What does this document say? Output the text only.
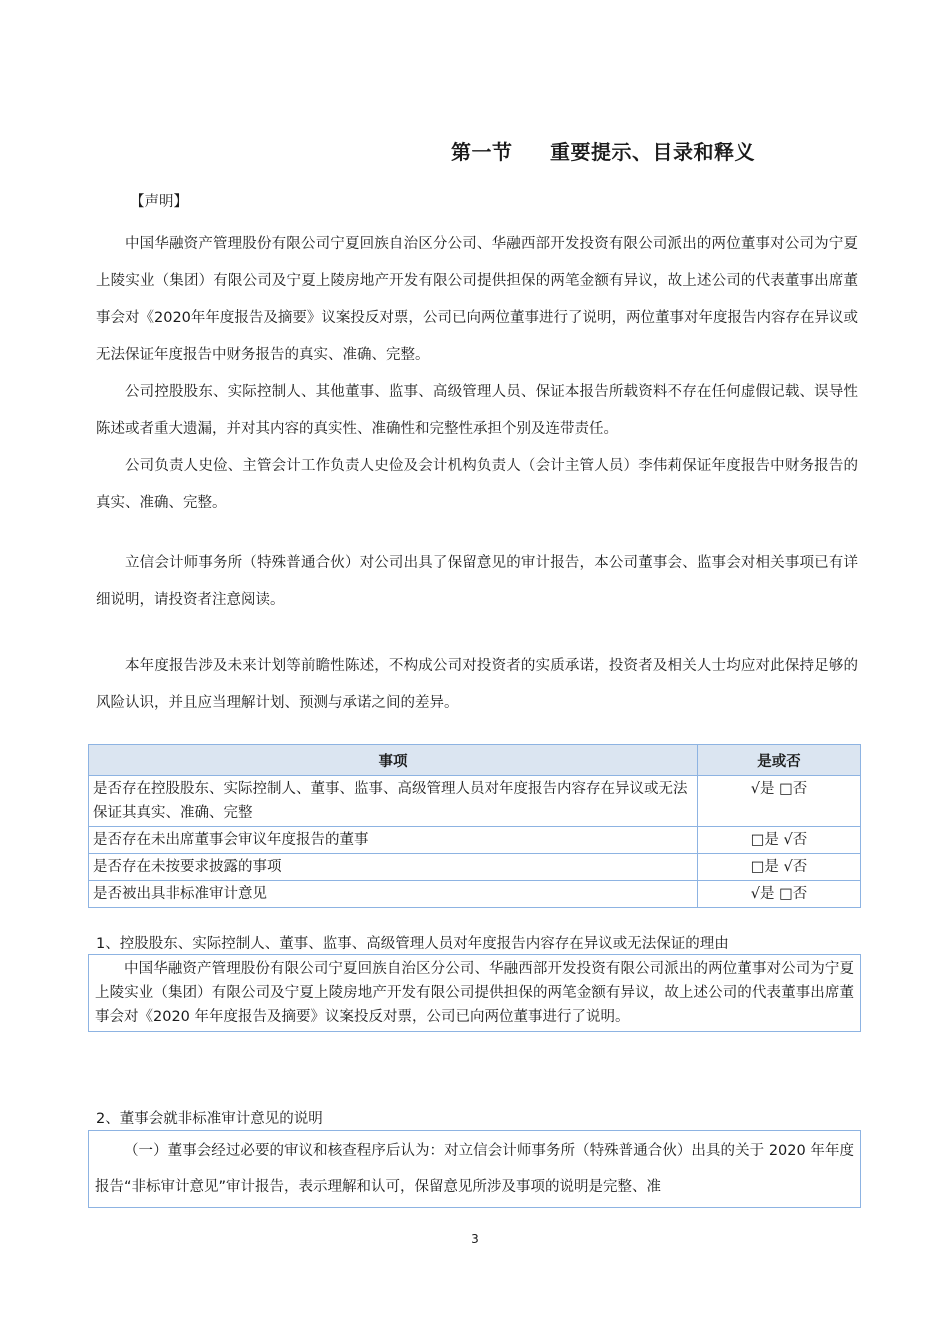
第一节 重要提示、目录和释义
【声明】

中国华融资产管理股份有限公司宁夏回族自治区分公司、华融西部开发投资有限公司派出的两位董事对公司为宁夏上陵实业（集团）有限公司及宁夏上陵房地产开发有限公司提供担保的两笔金额有异议，故上述公司的代表董事出席董事会对《2020年年度报告及摘要》议案投反对票，公司已向两位董事进行了说明，两位董事对年度报告内容存在异议或无法保证年度报告中财务报告的真实、准确、完整。

公司控股股东、实际控制人、其他董事、监事、高级管理人员、保证本报告所载资料不存在任何虚假记载、误导性陈述或者重大遗漏，并对其内容的真实性、准确性和完整性承担个别及连带责任。

公司负责人史俭、主管会计工作负责人史俭及会计机构负责人（会计主管人员）李伟莉保证年度报告中财务报告的真实、准确、完整。

立信会计师事务所（特殊普通合伙）对公司出具了保留意见的审计报告，本公司董事会、监事会对相关事项已有详细说明，请投资者注意阅读。

本年度报告涉及未来计划等前瞻性陈述，不构成公司对投资者的实质承诺，投资者及相关人士均应对此保持足够的风险认识，并且应当理解计划、预测与承诺之间的差异。

事项	是或否
是否存在控股股东、实际控制人、董事、监事、高级管理人员对年度报告内容存在异议或无法保证其真实、准确、完整	√是 □否
是否存在未出席董事会审议年度报告的董事	□是 √否
是否存在未按要求披露的事项	□是 √否
是否被出具非标准审计意见	√是 □否
1、控股股东、实际控制人、董事、监事、高级管理人员对年度报告内容存在异议或无法保证的理由

中国华融资产管理股份有限公司宁夏回族自治区分公司、华融西部开发投资有限公司派出的两位董事对公司为宁夏上陵实业（集团）有限公司及宁夏上陵房地产开发有限公司提供担保的两笔金额有异议，故上述公司的代表董事出席董事会对《2020 年年度报告及摘要》议案投反对票，公司已向两位董事进行了说明。

2、董事会就非标准审计意见的说明

（一）董事会经过必要的审议和核查程序后认为：对立信会计师事务所（特殊普通合伙）出具的关于 2020 年年度报告“非标审计意见”审计报告，表示理解和认可，保留意见所涉及事项的说明是完整、准

3
